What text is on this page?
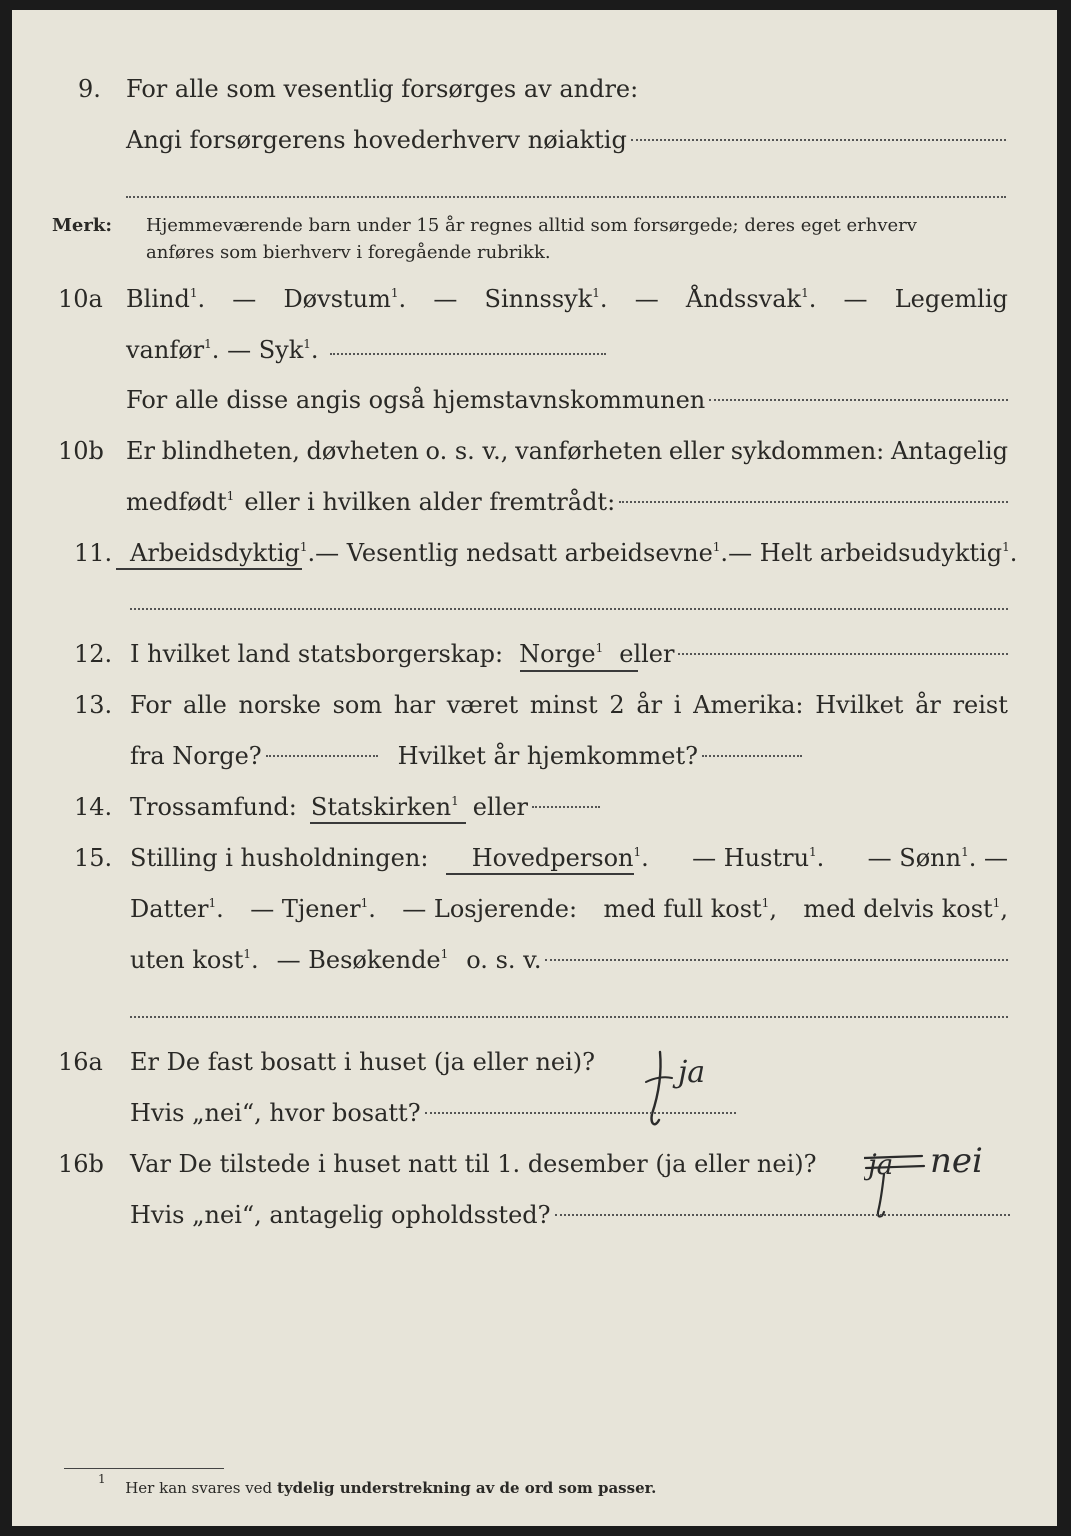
9. For alle som vesentlig forsørges av andre:
Angi forsørgerens hovederhverv nøiaktig
Merk: Hjemmeværende barn under 15 år regnes alltid som forsørgede; deres eget erhverv
anføres som bierhverv i foregående rubrikk.
10a Blind$^1$. — Døvstum$^1$. — Sinnssyk$^1$. — Åndssvak$^1$. — Legemlig
vanfør$^1$. — Syk$^1$.
For alle disse angis også hjemstavnskommunen
10b Er blindheten, døvheten o. s. v., vanførheten eller sykdommen: Antagelig
medfødt$^1$ eller i hvilken alder fremtrådt:
11. Arbeidsdyktig$^1$. — Vesentlig nedsatt arbeidsevne$^1$. — Helt arbeidsudyktig$^1$.
12. I hvilket land statsborgerskap: Norge$^1$ eller
13. For alle norske som har været minst 2 år i Amerika: Hvilket år reist
fra Norge?	Hvilket år hjemkommet?
14. Trossamfund: Statskirken$^1$ eller
15. Stilling i husholdningen: Hovedperson$^1$. — Hustru$^1$. — Sønn$^1$. —
Datter$^1$. — Tjener$^1$. — Losjerende: med full kost$^1$, med delvis kost$^1$,
uten kost$^1$. — Besøkende$^1$ o. s. v.
16a Er De fast bosatt i huset (ja eller nei)?	ja
Hvis „nei“, hvor bosatt?
16b Var De tilstede i huset natt til 1. desember (ja eller nei)?	ja nei
Hvis „nei“, antagelig opholdssted?
$^1$ Her kan svares ved tydelig understrekning av de ord som passer.
